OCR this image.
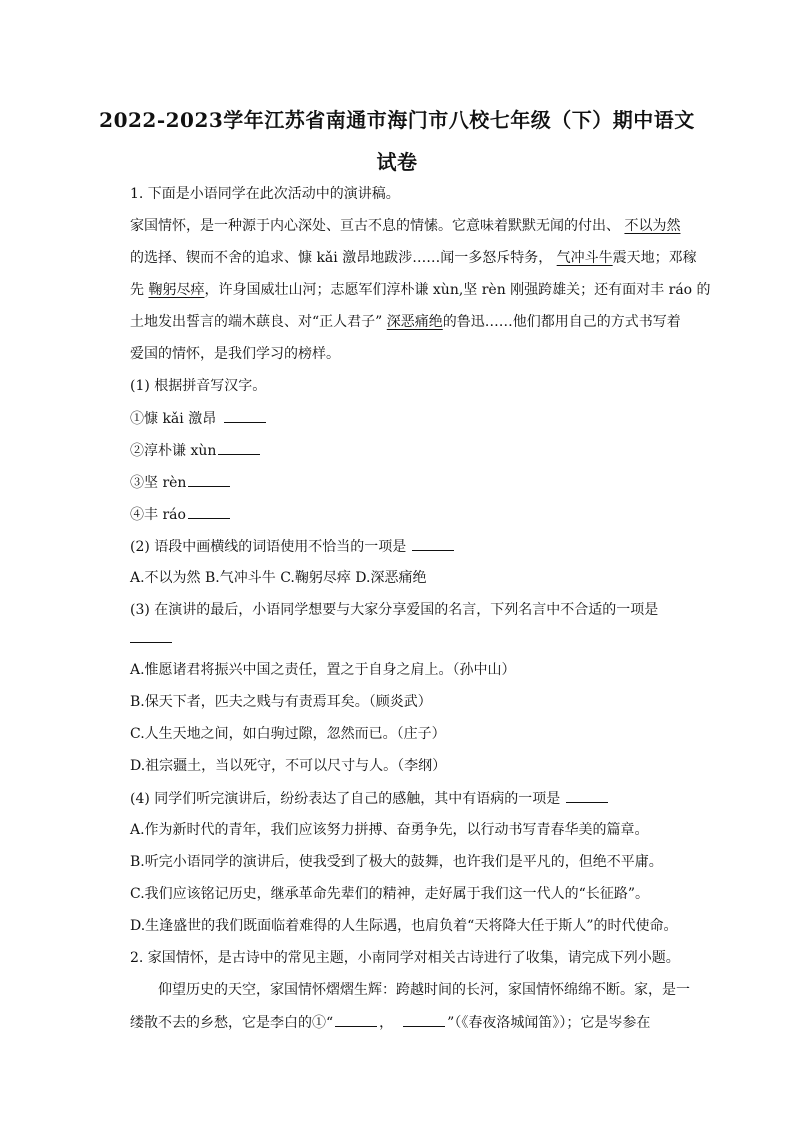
2022-2023学年江苏省南通市海门市八校七年级（下）期中语文
试卷
1. 下面是小语同学在此次活动中的演讲稿。
家国情怀，是一种源于内心深处、亘古不息的情愫。它意味着默默无闻的付出、 不以为然
的选择、锲而不舍的追求、慷 kǎi 激昂地跋涉……闻一多怒斥特务， 气冲斗牛震天地；邓稼
先 鞠躬尽瘁，许身国威壮山河；志愿军们淳朴谦 xùn,坚 rèn 刚强跨雄关；还有面对丰 ráo 的
土地发出誓言的端木蕻良、对“正人君子” 深恶痛绝的鲁迅……他们都用自己的方式书写着
爱国的情怀，是我们学习的榜样。
(1) 根据拼音写汉字。
①慷 kǎi 激昂
②淳朴谦 xùn
③坚 rèn
④丰 ráo
(2) 语段中画横线的词语使用不恰当的一项是
A.不以为然 B.气冲斗牛 C.鞠躬尽瘁 D.深恶痛绝
(3) 在演讲的最后，小语同学想要与大家分享爱国的名言，下列名言中不合适的一项是
A.惟愿诸君将振兴中国之责任，置之于自身之肩上。（孙中山）
B.保天下者，匹夫之贱与有责焉耳矣。（顾炎武）
C.人生天地之间，如白驹过隙，忽然而已。（庄子）
D.祖宗疆土，当以死守，不可以尺寸与人。（李纲）
(4) 同学们听完演讲后，纷纷表达了自己的感触，其中有语病的一项是
A.作为新时代的青年，我们应该努力拼搏、奋勇争先，以行动书写青春华美的篇章。
B.听完小语同学的演讲后，使我受到了极大的鼓舞，也许我们是平凡的，但绝不平庸。
C.我们应该铭记历史，继承革命先辈们的精神，走好属于我们这一代人的“长征路”。
D.生逢盛世的我们既面临着难得的人生际遇，也肩负着“天将降大任于斯人”的时代使命。
2. 家国情怀，是古诗中的常见主题，小南同学对相关古诗进行了收集，请完成下列小题。
仰望历史的天空，家国情怀熠熠生辉：跨越时间的长河，家国情怀绵绵不断。家，是一
缕散不去的乡愁，它是李白的①“	，	”（《春夜洛城闻笛》）；它是岑参在
